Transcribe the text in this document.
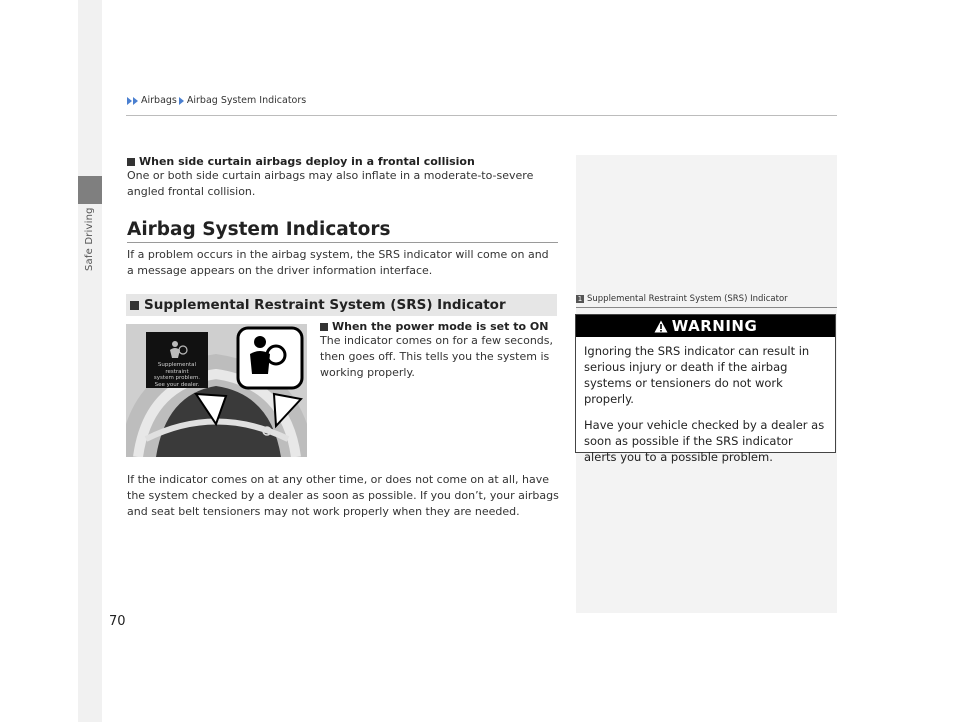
Safe Driving
Airbags Airbag System Indicators
When side curtain airbags deploy in a frontal collision
One or both side curtain airbags may also inflate in a moderate-to-severe angled frontal collision.
Airbag System Indicators
If a problem occurs in the airbag system, the SRS indicator will come on and a message appears on the driver information interface.
Supplemental Restraint System (SRS) Indicator
Supplemental restraint
system problem.
See your dealer.
When the power mode is set to ON
The indicator comes on for a few seconds, then goes off. This tells you the system is working properly.
If the indicator comes on at any other time, or does not come on at all, have the system checked by a dealer as soon as possible. If you don’t, your airbags and seat belt tensioners may not work properly when they are needed.
70
1 Supplemental Restraint System (SRS) Indicator
WARNING

Ignoring the SRS indicator can result in serious injury or death if the airbag systems or tensioners do not work properly.

Have your vehicle checked by a dealer as soon as possible if the SRS indicator alerts you to a possible problem.
